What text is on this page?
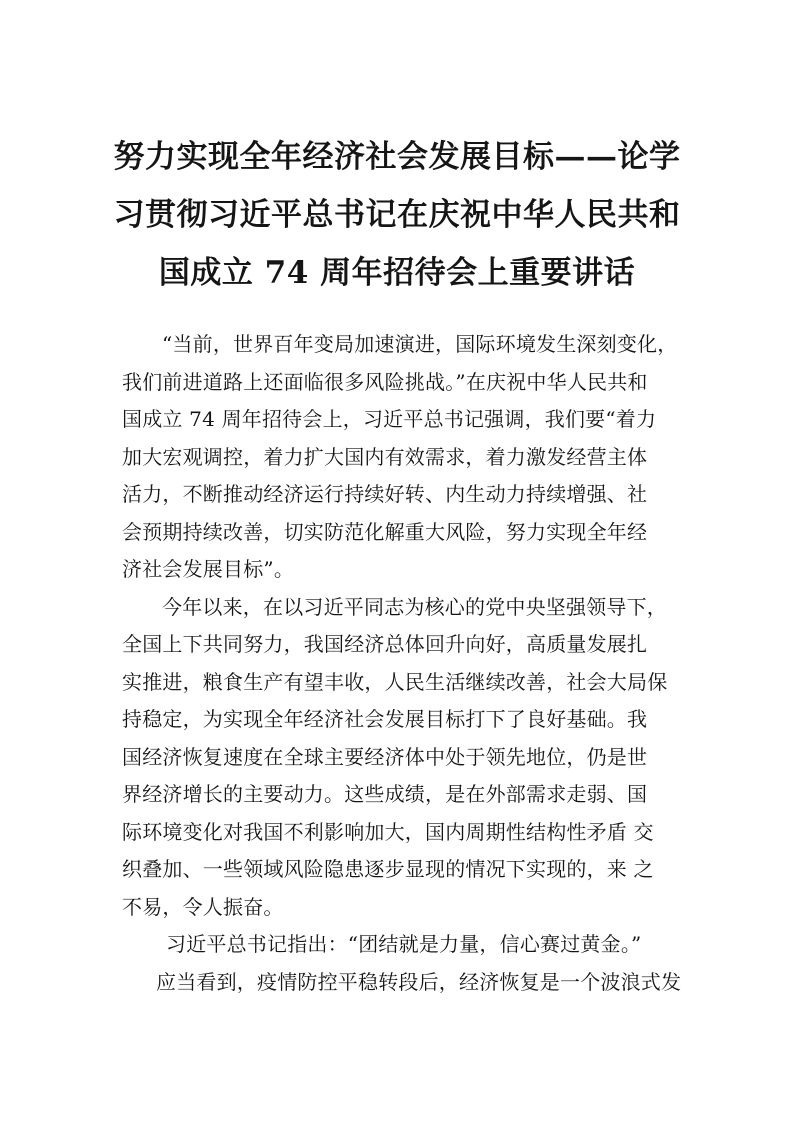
努力实现全年经济社会发展目标——论学
习贯彻习近平总书记在庆祝中华人民共和
国成立 74 周年招待会上重要讲话
“当前，世界百年变局加速演进，国际环境发生深刻变化，
我们前进道路上还面临很多风险挑战。”在庆祝中华人民共和
国成立 74 周年招待会上，习近平总书记强调，我们要“着力
加大宏观调控，着力扩大国内有效需求，着力激发经营主体
活力，不断推动经济运行持续好转、内生动力持续增强、社
会预期持续改善，切实防范化解重大风险，努力实现全年经
济社会发展目标”。
今年以来，在以习近平同志为核心的党中央坚强领导下，
全国上下共同努力，我国经济总体回升向好，高质量发展扎
实推进，粮食生产有望丰收，人民生活继续改善，社会大局保
持稳定，为实现全年经济社会发展目标打下了良好基础。我
国经济恢复速度在全球主要经济体中处于领先地位，仍是世
界经济增长的主要动力。这些成绩，是在外部需求走弱、国
际环境变化对我国不利影响加大，国内周期性结构性矛盾 交
织叠加、一些领域风险隐患逐步显现的情况下实现的，来 之
不易，令人振奋。
习近平总书记指出：“团结就是力量，信心赛过黄金。”
应当看到，疫情防控平稳转段后，经济恢复是一个波浪式发
